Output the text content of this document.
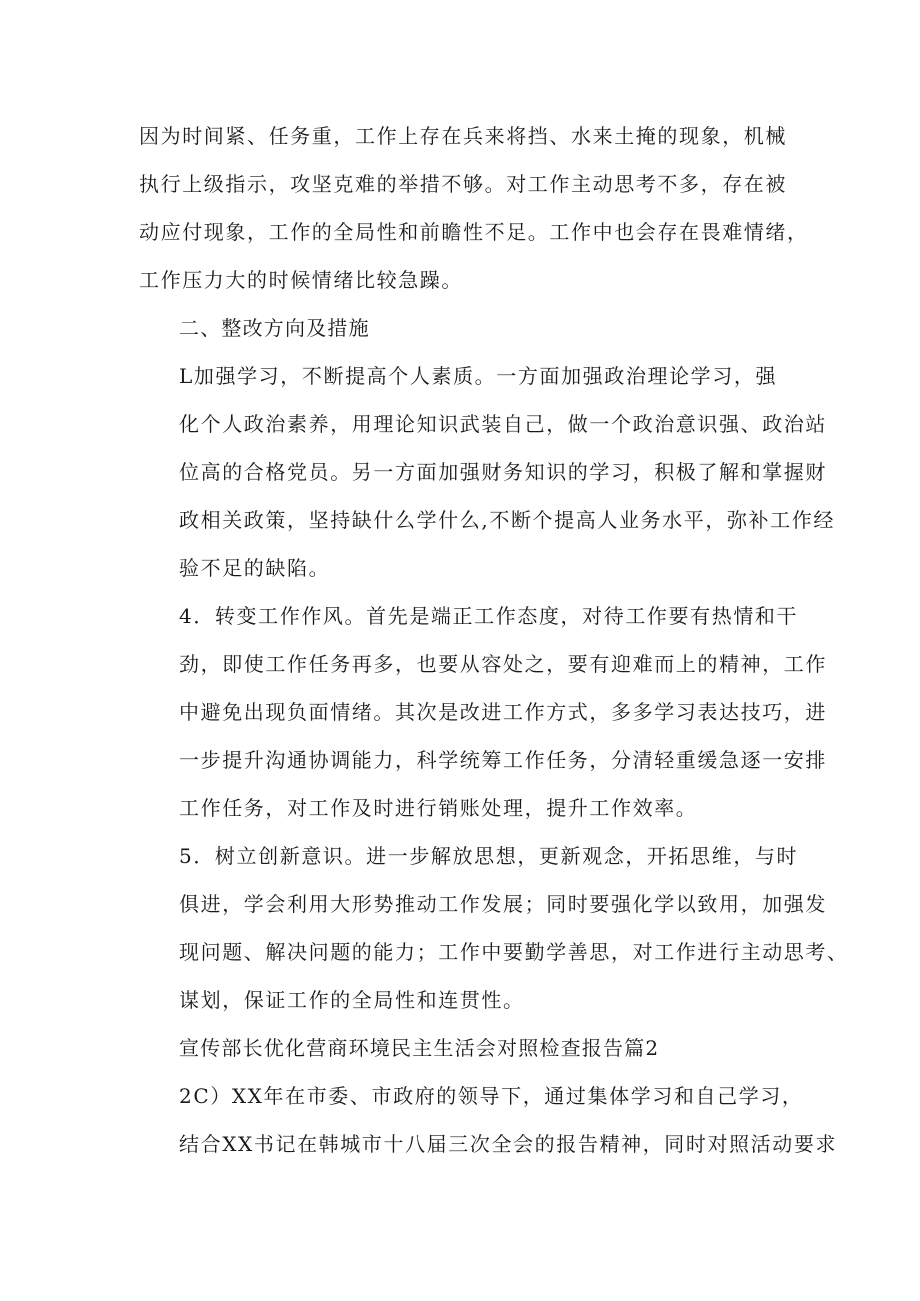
因为时间紧、任务重，工作上存在兵来将挡、水来土掩的现象，机械
执行上级指示，攻坚克难的举措不够。对工作主动思考不多，存在被
动应付现象，工作的全局性和前瞻性不足。工作中也会存在畏难情绪，
工作压力大的时候情绪比较急躁。

二、整改方向及措施

L加强学习，不断提高个人素质。一方面加强政治理论学习，强
化个人政治素养，用理论知识武装自己，做一个政治意识强、政治站
位高的合格党员。另一方面加强财务知识的学习，积极了解和掌握财
政相关政策，坚持缺什么学什么,不断个提高人业务水平，弥补工作经
验不足的缺陷。

4．转变工作作风。首先是端正工作态度，对待工作要有热情和干
劲，即使工作任务再多，也要从容处之，要有迎难而上的精神，工作
中避免出现负面情绪。其次是改进工作方式，多多学习表达技巧，进
一步提升沟通协调能力，科学统筹工作任务，分清轻重缓急逐一安排
工作任务，对工作及时进行销账处理，提升工作效率。

5．树立创新意识。进一步解放思想，更新观念，开拓思维，与时
俱进，学会利用大形势推动工作发展；同时要强化学以致用，加强发
现问题、解决问题的能力；工作中要勤学善思，对工作进行主动思考、
谋划，保证工作的全局性和连贯性。

宣传部长优化营商环境民主生活会对照检查报告篇2

2C）XX年在市委、市政府的领导下，通过集体学习和自己学习，
结合XX书记在韩城市十八届三次全会的报告精神，同时对照活动要求
